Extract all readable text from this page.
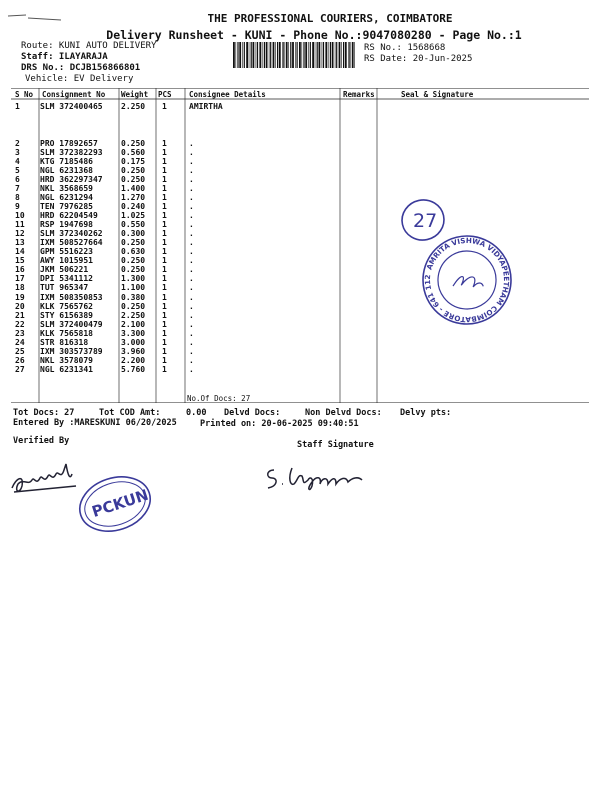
THE PROFESSIONAL COURIERS, COIMBATORE
Delivery Runsheet - KUNI - Phone No.:9047080280 - Page No.:1
Route: KUNI AUTO DELIVERY
Staff: ILAYARAJA
DRS No.: DCJB156866801
Vehicle: EV Delivery
RS No.: 1568668
RS Date: 20-Jun-2025
S No Consignment No Weight PCS Consignee Details	Remarks	Seal & Signature
1	SLM 372400465 2.250 1	AMIRTHA
2	PRO 17892657	0.250 1	.
3	SLM 372382293 0.560 1	.
4	KTG 7185486	0.175 1	.
5	NGL 6231368	0.250 1	.
6	HRD 362297347 0.250 1	.
7	NKL 3568659	1.400 1	.
8	NGL 6231294	1.270 1	.
9	TEN 7976285	0.240 1	.
10 HRD 62204549	1.025 1	.
11 RSP 1947698	0.550 1	.
12 SLM 372340262 0.300 1	.
13 IXM 508527664 0.250 1	.
14 GPM 5516223	0.630 1	.
15 AWY 1015951	0.250 1	.
16 JKM 506221	0.250 1	.
17 DPI 5341112	1.300 1	.
18 TUT 965347	1.100 1	.
19 IXM 508350853 0.380 1	.
20 KLK 7565762	0.250 1	.
21 STY 6156389	2.250 1	.
22 SLM 372400479 2.100 1	.
23 KLK 7565818	3.300 1	.
24 STR 816318	3.000 1	.
25 IXM 303573789 3.960 1	.
26 NKL 3578079	2.200 1	.
27 NGL 6231341	5.760 1	.
No.Of Docs: 27
Tot Docs: 27	Tot COD Amt:     0.00 Delvd Docs:	Non Delvd Docs: Delvy pts:
Entered By :MARESKUNI 06/20/2025	Printed on: 20-06-2025 09:40:51
Verified By	Staff Signature
27
AMRITA VISHWA VIDYAPEETHAM COIMBATORE - 641 112
PCKUN
